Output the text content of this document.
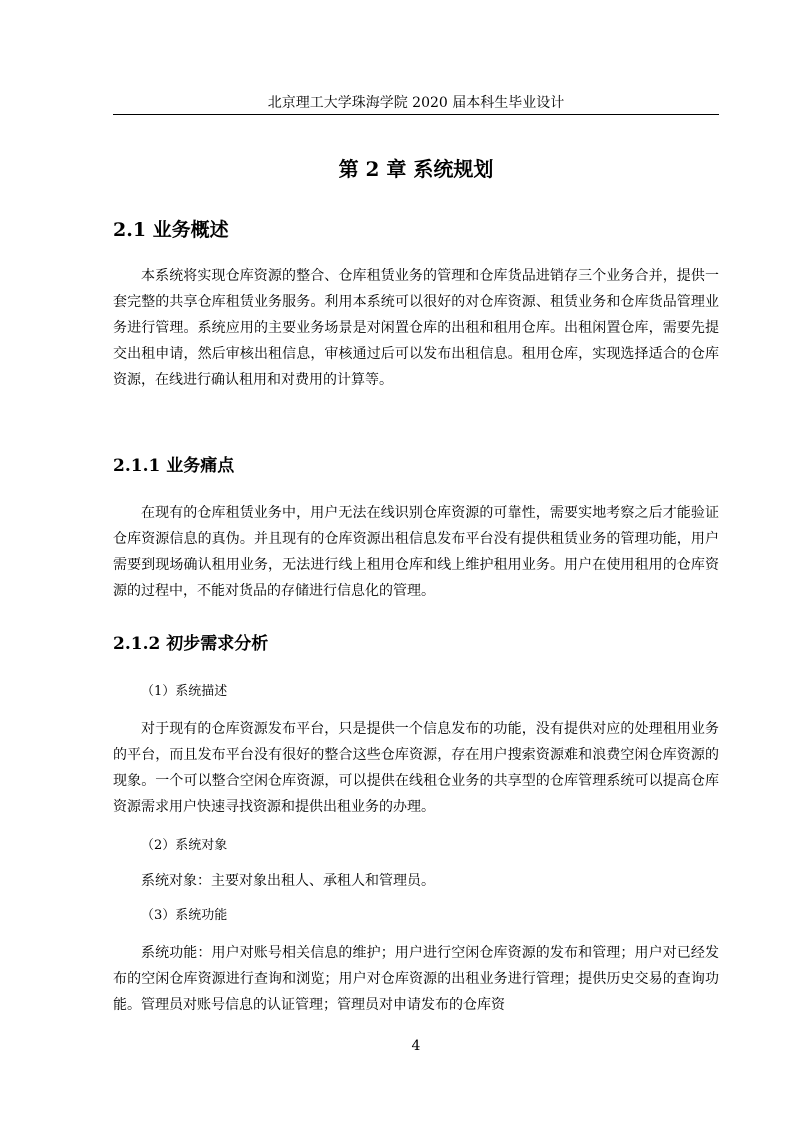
北京理工大学珠海学院 2020 届本科生毕业设计
第 2 章 系统规划
2.1 业务概述

本系统将实现仓库资源的整合、仓库租赁业务的管理和仓库货品进销存三个业务合并，提供一套完整的共享仓库租赁业务服务。利用本系统可以很好的对仓库资源、租赁业务和仓库货品管理业务进行管理。系统应用的主要业务场景是对闲置仓库的出租和租用仓库。出租闲置仓库，需要先提交出租申请，然后审核出租信息，审核通过后可以发布出租信息。租用仓库，实现选择适合的仓库资源，在线进行确认租用和对费用的计算等。

2.1.1 业务痛点

在现有的仓库租赁业务中，用户无法在线识别仓库资源的可靠性，需要实地考察之后才能验证仓库资源信息的真伪。并且现有的仓库资源出租信息发布平台没有提供租赁业务的管理功能，用户需要到现场确认租用业务，无法进行线上租用仓库和线上维护租用业务。用户在使用租用的仓库资源的过程中，不能对货品的存储进行信息化的管理。

2.1.2 初步需求分析
（1）系统描述

对于现有的仓库资源发布平台，只是提供一个信息发布的功能，没有提供对应的处理租用业务的平台，而且发布平台没有很好的整合这些仓库资源，存在用户搜索资源难和浪费空闲仓库资源的现象。一个可以整合空闲仓库资源，可以提供在线租仓业务的共享型的仓库管理系统可以提高仓库资源需求用户快速寻找资源和提供出租业务的办理。

（2）系统对象
系统对象：主要对象出租人、承租人和管理员。
（3）系统功能

系统功能：用户对账号相关信息的维护；用户进行空闲仓库资源的发布和管理；用户对已经发布的空闲仓库资源进行查询和浏览；用户对仓库资源的出租业务进行管理；提供历史交易的查询功能。管理员对账号信息的认证管理；管理员对申请发布的仓库资

4
